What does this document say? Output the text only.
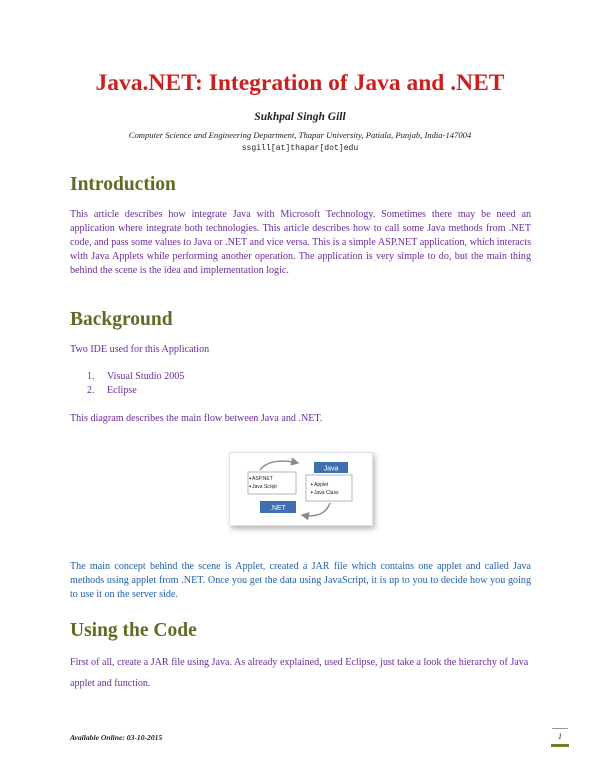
Java.NET: Integration of Java and .NET
Sukhpal Singh Gill
Computer Science and Engineering Department, Thapar University, Patiala, Punjab, India-147004
ssgill[at]thapar[dot]edu
Introduction
This article describes how integrate Java with Microsoft Technology. Sometimes there may be need an application where integrate both technologies. This article describes how to call some Java methods from .NET code, and pass some values to Java or .NET and vice versa. This is a simple ASP.NET application, which interacts with Java Applets while performing another operation. The application is very simple to do, but the main thing behind the scene is the idea and implementation logic.
Background
Two IDE used for this Application
1. Visual Studio 2005
2. Eclipse
This diagram describes the main flow between Java and .NET.
ASP.NET
Java Script
Java
Applet
Java Class
.NET
The main concept behind the scene is Applet, created a JAR file which contains one applet and called Java methods using applet from .NET. Once you get the data using JavaScript, it is up to you to decide how you going to use it on the server side.
Using the Code
First of all, create a JAR file using Java. As already explained, used Eclipse, just take a look the hierarchy of Java applet and function.
Available Online: 03-10-2015	1
